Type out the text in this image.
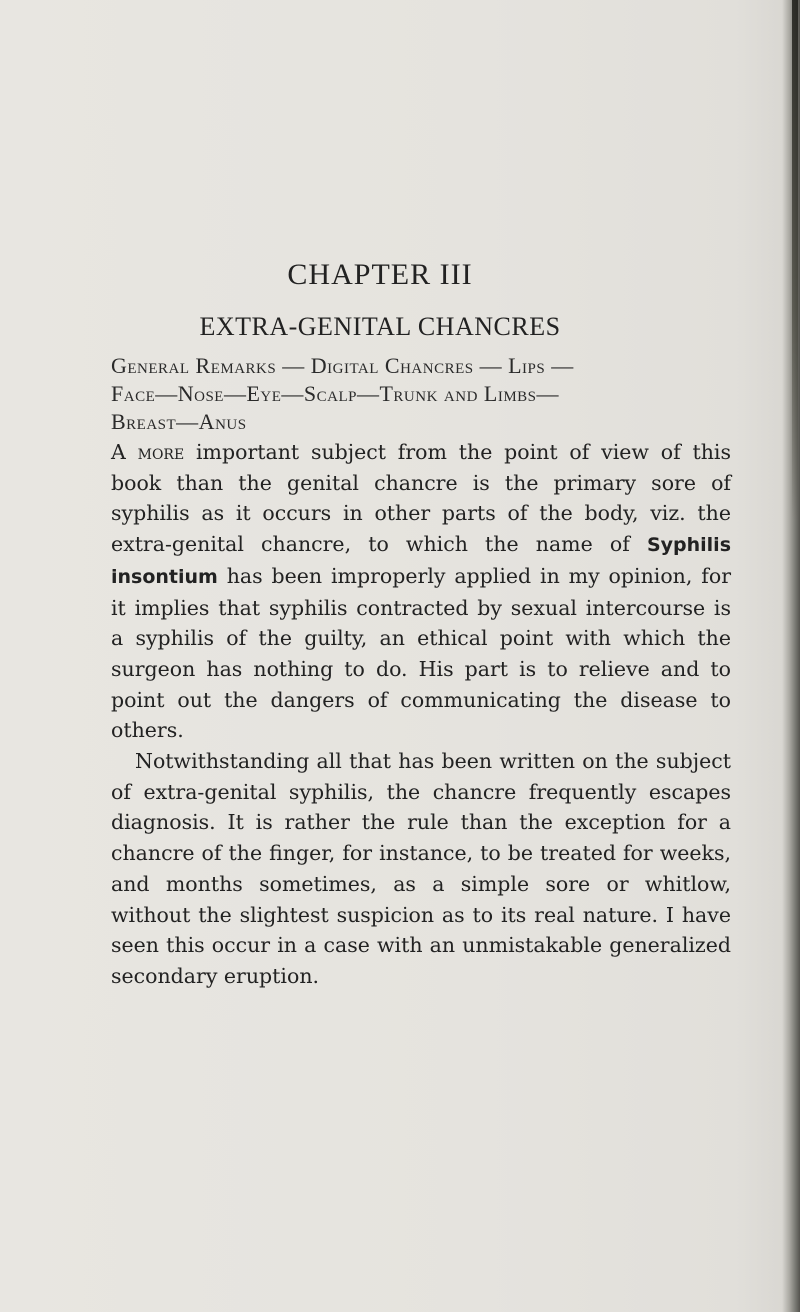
CHAPTER III
EXTRA-GENITAL CHANCRES
General Remarks — Digital Chancres — Lips —
Face—Nose—Eye—Scalp—Trunk and Limbs—
Breast—Anus

A more important subject from the point of view of this book than the genital chancre is the primary sore of syphilis as it occurs in other parts of the body, viz. the extra-genital chancre, to which the name of Syphilis insontium has been improperly applied in my opinion, for it implies that syphilis contracted by sexual intercourse is a syphilis of the guilty, an ethical point with which the surgeon has nothing to do. His part is to relieve and to point out the dangers of communicating the disease to others.

Notwithstanding all that has been written on the subject of extra-genital syphilis, the chancre frequently escapes diagnosis. It is rather the rule than the exception for a chancre of the finger, for instance, to be treated for weeks, and months sometimes, as a simple sore or whitlow, without the slightest suspicion as to its real nature. I have seen this occur in a case with an unmistakable generalized secondary eruption.
